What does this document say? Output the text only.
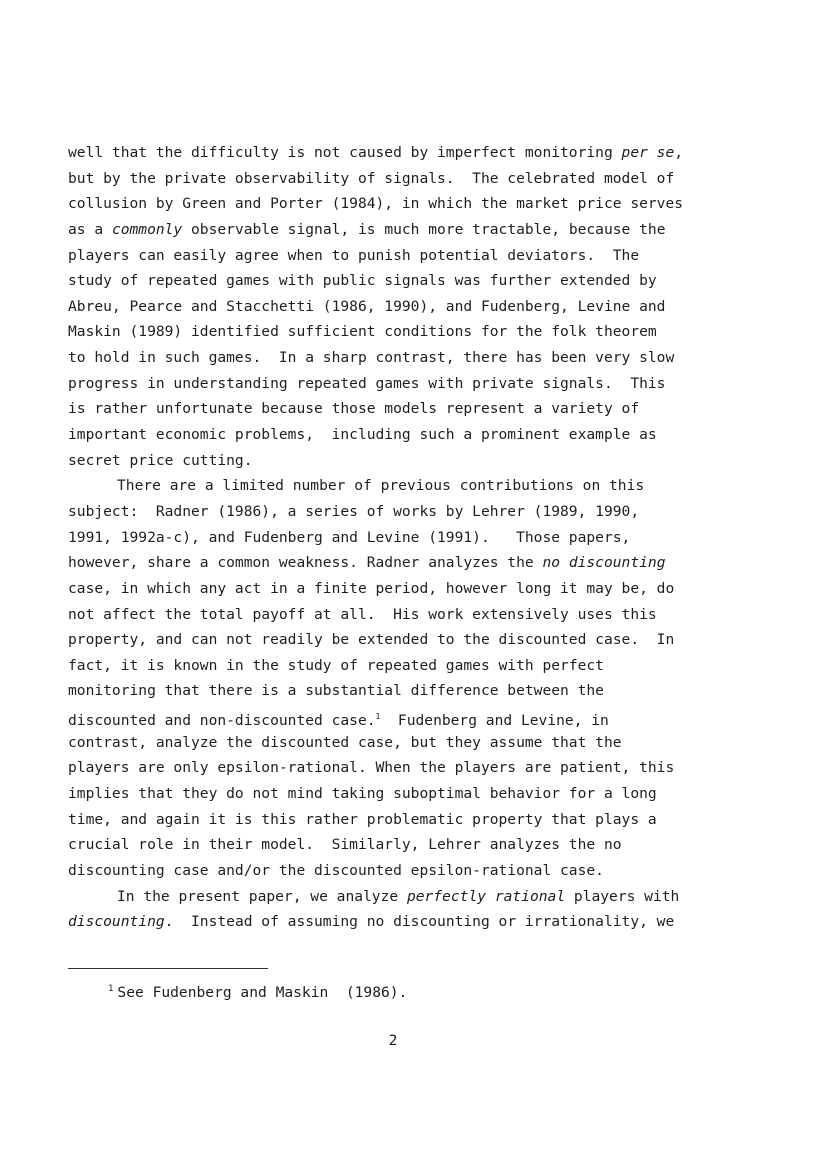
well that the difficulty is not caused by imperfect monitoring per se,
but by the private observability of signals.  The celebrated model of
collusion by Green and Porter (1984), in which the market price serves
as a commonly observable signal, is much more tractable, because the
players can easily agree when to punish potential deviators.  The
study of repeated games with public signals was further extended by
Abreu, Pearce and Stacchetti (1986, 1990), and Fudenberg, Levine and
Maskin (1989) identified sufficient conditions for the folk theorem
to hold in such games.  In a sharp contrast, there has been very slow
progress in understanding repeated games with private signals.  This
is rather unfortunate because those models represent a variety of
important economic problems,  including such a prominent example as
secret price cutting.
There are a limited number of previous contributions on this
subject:  Radner (1986), a series of works by Lehrer (1989, 1990,
1991, 1992a-c), and Fudenberg and Levine (1991).   Those papers,
however, share a common weakness. Radner analyzes the no discounting
case, in which any act in a finite period, however long it may be, do
not affect the total payoff at all.  His work extensively uses this
property, and can not readily be extended to the discounted case.  In
fact, it is known in the study of repeated games with perfect
monitoring that there is a substantial difference between the
discounted and non-discounted case.$^1$  Fudenberg and Levine, in
contrast, analyze the discounted case, but they assume that the
players are only epsilon-rational. When the players are patient, this
implies that they do not mind taking suboptimal behavior for a long
time, and again it is this rather problematic property that plays a
crucial role in their model.  Similarly, Lehrer analyzes the no
discounting case and/or the discounted epsilon-rational case.
In the present paper, we analyze perfectly rational players with
discounting.  Instead of assuming no discounting or irrationality, we
$^1$ See Fudenberg and Maskin  (1986).
2
